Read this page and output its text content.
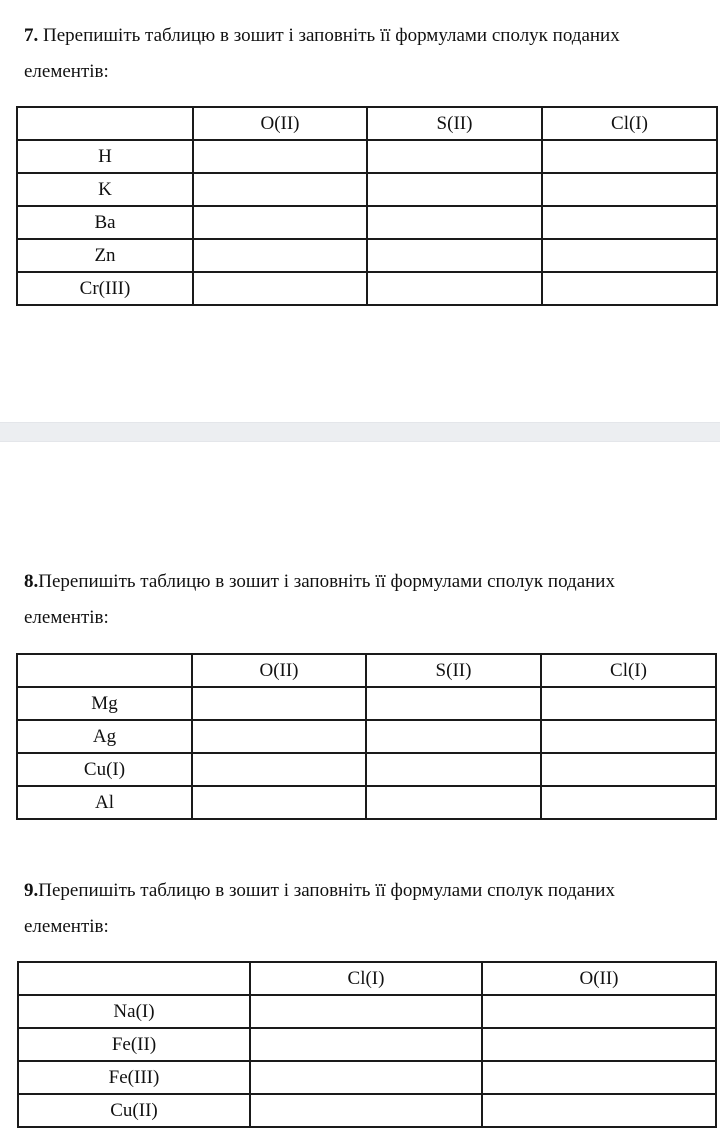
7. Перепишіть таблицю в зошит і заповніть її формулами сполук поданих
елементів:
	O(II)	S(II)	Cl(I)
H			
K			
Ba			
Zn			
Cr(III)			
8.Перепишіть таблицю в зошит і заповніть її формулами сполук поданих
елементів:
	O(II)	S(II)	Cl(I)
Mg			
Ag			
Cu(I)			
Al			
9.Перепишіть таблицю в зошит і заповніть її формулами сполук поданих
елементів:
	Cl(I)	O(II)
Na(I)		
Fe(II)		
Fe(III)		
Cu(II)		
